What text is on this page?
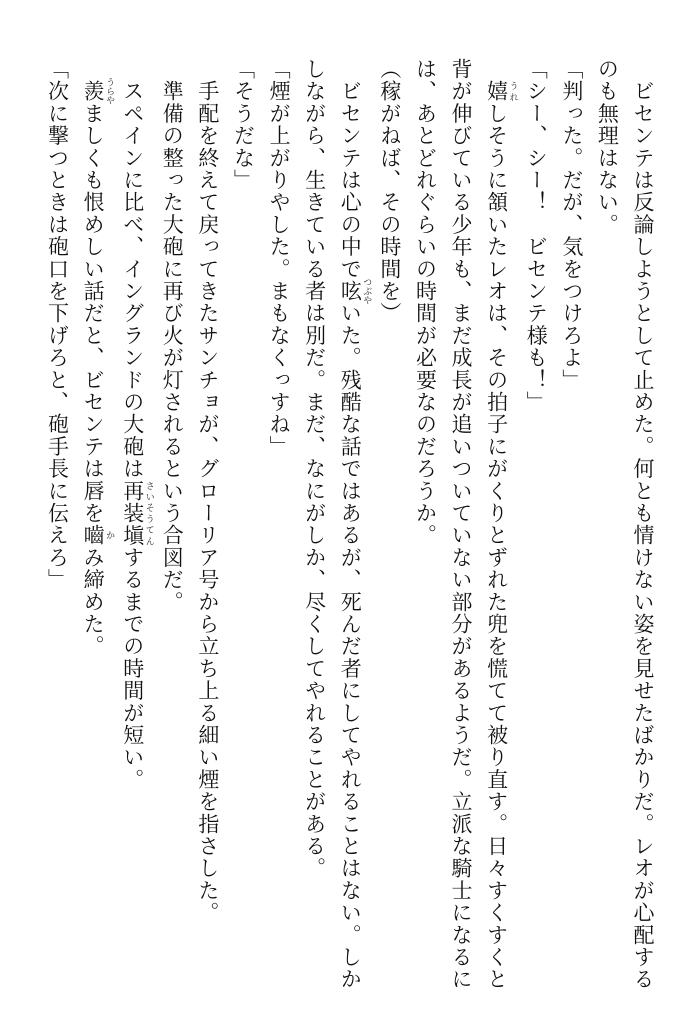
　ビセンテは反論しようとして止めた。何とも情けない姿を見せたばかりだ。レオが心配する
のも無理はない。
「判った。だが、気をつけろよ」
「シー、シー！　ビセンテ様も！」
　嬉 うれしそうに頷いたレオは、その拍子にがくりとずれた兜を慌てて被り直す。日々すくすくと
背が伸びている少年も、まだ成長が追いついていない部分があるようだ。立派な騎士になるに
は、あとどれぐらいの時間が必要なのだろうか。
（稼がねば、その時間を）
　ビセンテは心の中で呟 つぶやいた。残酷な話ではあるが、死んだ者にしてやれることはない。しか
しながら、生きている者は別だ。まだ、なにがしか、尽くしてやれることがある。
「煙が上がりやした。まもなくっすね」
「そうだな」
　手配を終えて戻ってきたサンチョが、グローリア号から立ち上る細い煙を指さした。
　準備の整った大砲に再び火が灯されるという合図だ。
　スペインに比べ、イングランドの大砲は再装塡 さいそうてんするまでの時間が短い。
　羨 うらやましくも恨めしい話だと、ビセンテは唇を嚙 かみ締めた。
「次に撃つときは砲口を下げろと、砲手長に伝えろ」
